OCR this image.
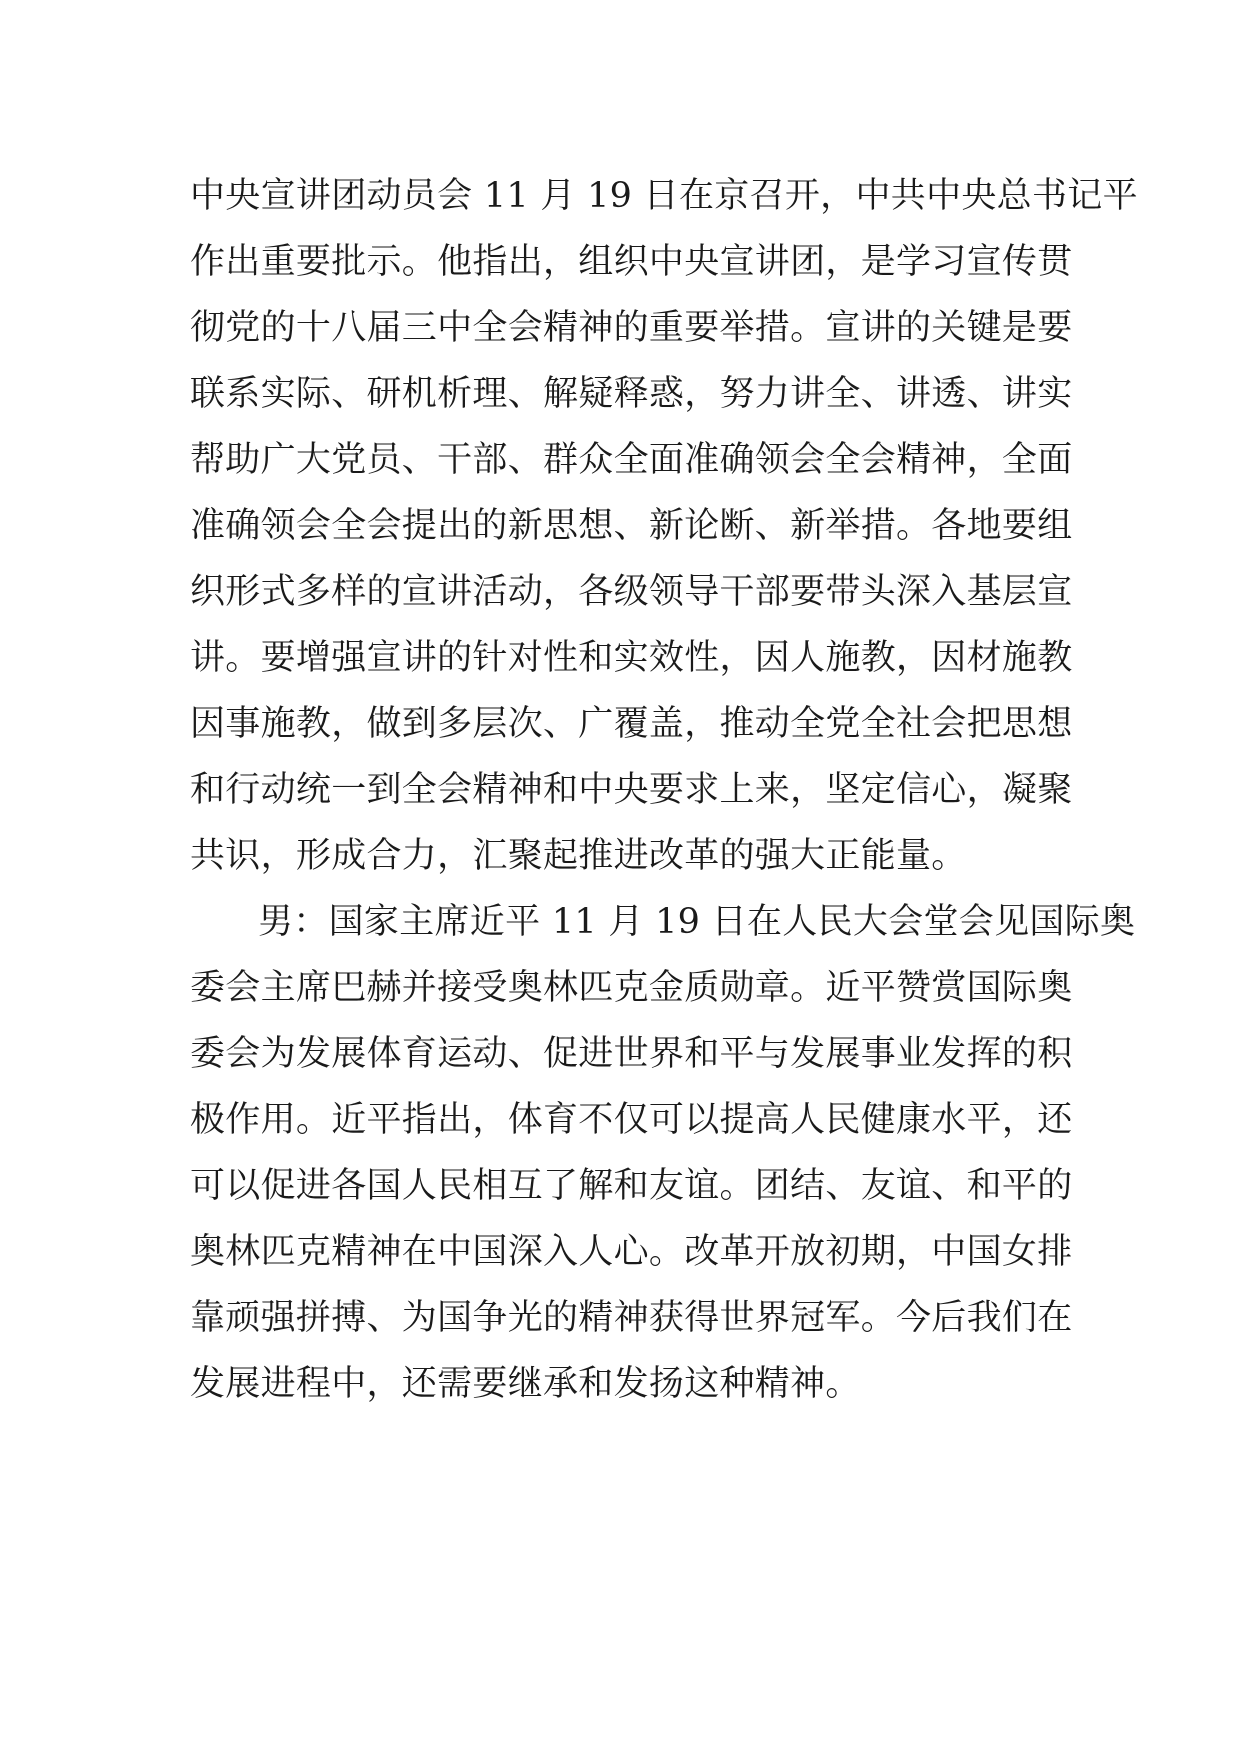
中央宣讲团动员会 11 月 19 日在京召开，中共中央总书记平
作出重要批示。他指出，组织中央宣讲团，是学习宣传贯
彻党的十八届三中全会精神的重要举措。宣讲的关键是要
联系实际、研机析理、解疑释惑，努力讲全、讲透、讲实
帮助广大党员、干部、群众全面准确领会全会精神，全面
准确领会全会提出的新思想、新论断、新举措。各地要组
织形式多样的宣讲活动，各级领导干部要带头深入基层宣
讲。要增强宣讲的针对性和实效性，因人施教，因材施教
因事施教，做到多层次、广覆盖，推动全党全社会把思想
和行动统一到全会精神和中央要求上来，坚定信心，凝聚
共识，形成合力，汇聚起推进改革的强大正能量。
男：国家主席近平 11 月 19 日在人民大会堂会见国际奥
委会主席巴赫并接受奥林匹克金质勋章。近平赞赏国际奥
委会为发展体育运动、促进世界和平与发展事业发挥的积
极作用。近平指出，体育不仅可以提高人民健康水平，还
可以促进各国人民相互了解和友谊。团结、友谊、和平的
奥林匹克精神在中国深入人心。改革开放初期，中国女排
靠顽强拼搏、为国争光的精神获得世界冠军。今后我们在
发展进程中，还需要继承和发扬这种精神。
